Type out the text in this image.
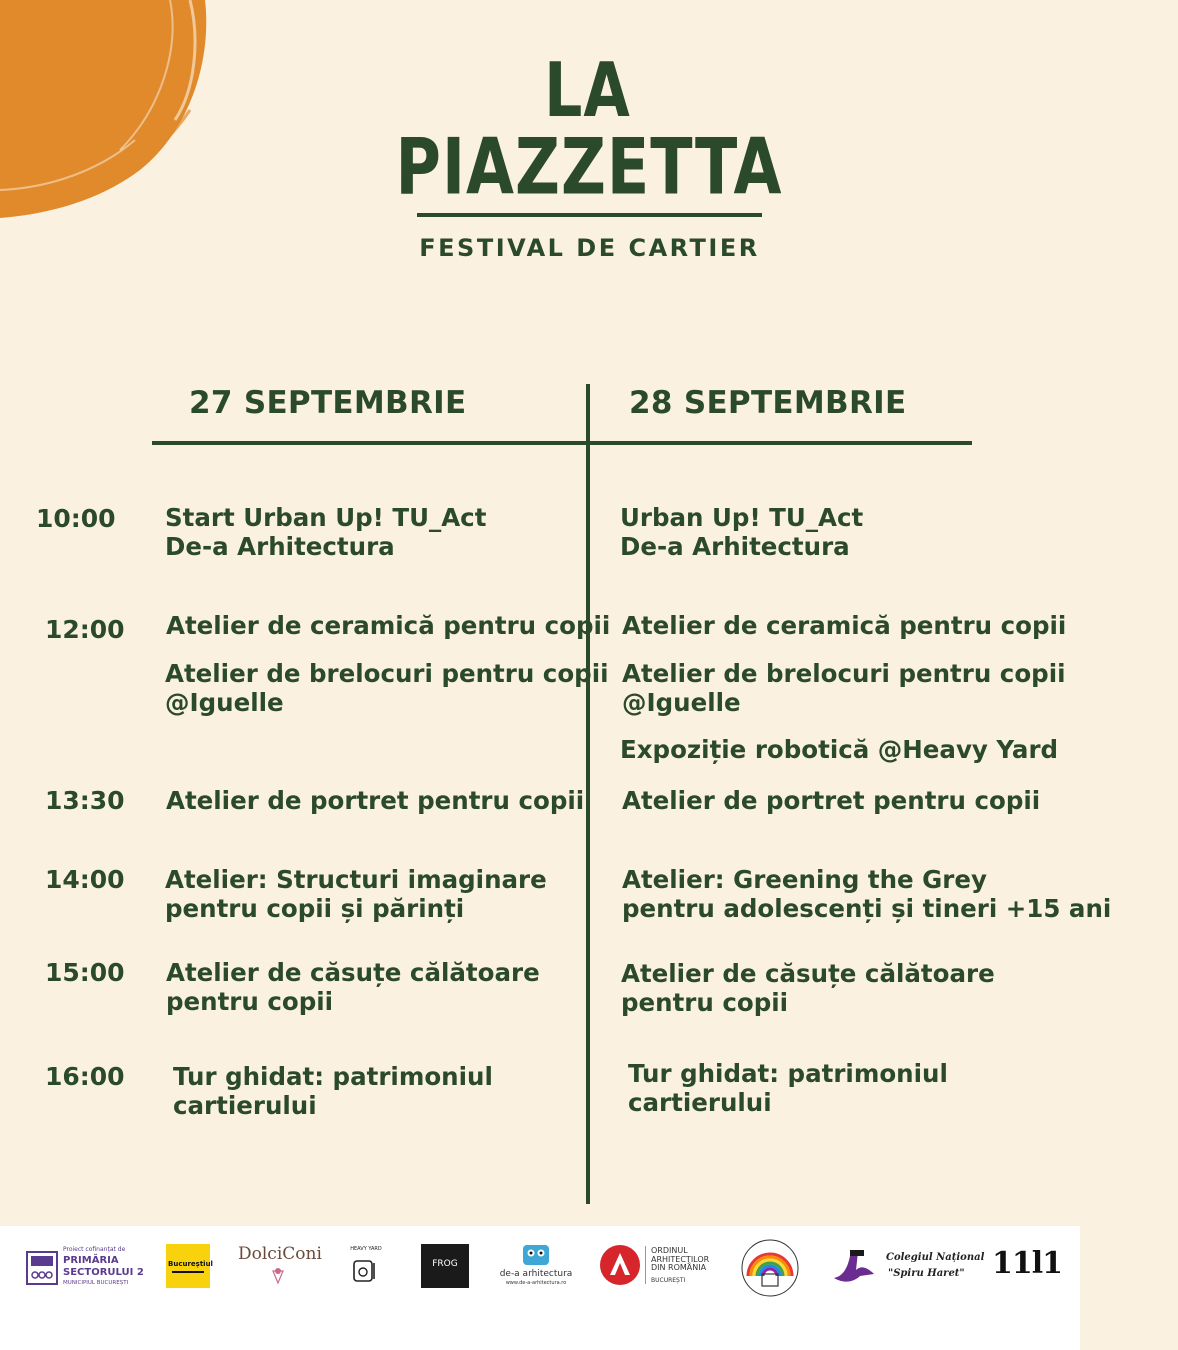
LA
PIAZZETTA
FESTIVAL DE CARTIER
27 SEPTEMBRIE	28 SEPTEMBRIE
10:00
12:00
13:30
14:00
15:00
16:00
Start Urban Up! TU_Act
De-a Arhitectura
Atelier de ceramică pentru copii
Atelier de brelocuri pentru copii
@Iguelle
Atelier de portret pentru copii
Atelier: Structuri imaginare
pentru copii și părinți
Atelier de căsuțe călătoare
pentru copii
Tur ghidat: patrimoniul
cartierului
Urban Up! TU_Act
De-a Arhitectura
Atelier de ceramică pentru copii
Atelier de brelocuri pentru copii
@Iguelle
Expoziție robotică @Heavy Yard
Atelier de portret pentru copii
Atelier: Greening the Grey
pentru adolescenți și tineri +15 ani
Atelier de căsuțe călătoare
pentru copii
Tur ghidat: patrimoniul
cartierului
Proiect cofinanțat de
PRIMĂRIA
SECTORULUI 2
MUNICIPIUL BUCUREȘTI
Bucureștiul DolciConi	HEAVY YARD
FROG
de-a arhitectura
www.de-a-arhitectura.ro
ORDINUL
ARHITECȚILOR
DIN ROMÂNIA
BUCUREȘTI
Colegiul Național
"Spiru Haret" 11l1
